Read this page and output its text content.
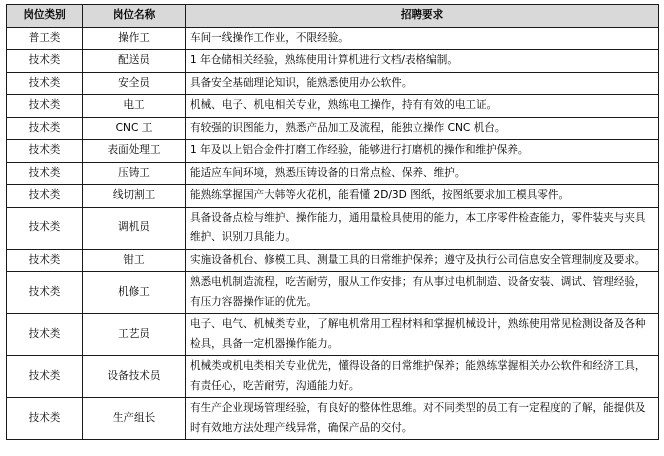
岗位类别	岗位名称	招聘要求
普工类	操作工	车间一线操作工作业，不限经验。
技术类	配送员	1 年仓储相关经验，熟练使用计算机进行文档/表格编制。
技术类	安全员	具备安全基础理论知识，能熟悉使用办公软件。
技术类	电工	机械、电子、机电相关专业，熟练电工操作，持有有效的电工证。
技术类	CNC 工	有较强的识图能力，熟悉产品加工及流程，能独立操作 CNC 机台。
技术类	表面处理工	1 年及以上铝合金件打磨工作经验，能够进行打磨机的操作和维护保养。
技术类	压铸工	能适应车间环境，熟悉压铸设备的日常点检、保养、维护。
技术类	线切割工	能熟练掌握国产大韩等火花机，能看懂 2D/3D 图纸，按图纸要求加工模具零件。
技术类	调机员	具备设备点检与维护、操作能力，通用量检具使用的能力，本工序零件检查能力，零件装夹与夹具维护、识别刀具能力。
技术类	钳工	实施设备机台、修模工具、测量工具的日常维护保养；遵守及执行公司信息安全管理制度及要求。
技术类	机修工	熟悉电机制造流程，吃苦耐劳，服从工作安排；有从事过电机制造、设备安装、调试、管理经验，有压力容器操作证的优先。
技术类	工艺员	电子、电气、机械类专业，了解电机常用工程材料和掌握机械设计，熟练使用常见检测设备及各种检具，具备一定机器操作能力。
技术类	设备技术员	机械类或机电类相关专业优先，懂得设备的日常维护保养；能熟练掌握相关办公软件和经济工具，有责任心，吃苦耐劳，沟通能力好。
技术类	生产组长	有生产企业现场管理经验，有良好的整体性思维。对不同类型的员工有一定程度的了解，能提供及时有效地方法处理产线异常，确保产品的交付。
